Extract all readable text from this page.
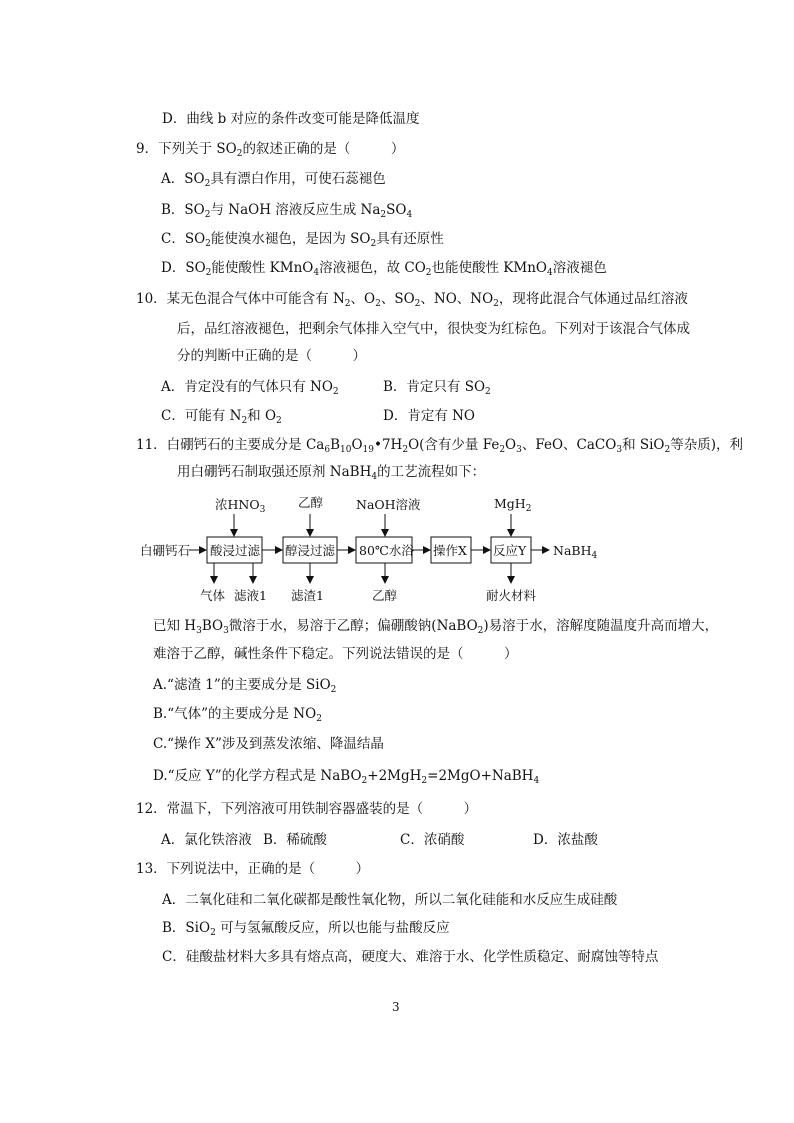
D．曲线 b 对应的条件改变可能是降低温度
9．下列关于 $SO_2$的叙述正确的是（　　　）
A．$SO_2$具有漂白作用，可使石蕊褪色
B．$SO_2$与 NaOH 溶液反应生成 $Na_2SO_4$
C．$SO_2$能使溴水褪色，是因为 $SO_2$具有还原性
D．$SO_2$能使酸性 KMnO$_4$溶液褪色，故 $CO_2$也能使酸性 KMnO$_4$溶液褪色
10．某无色混合气体中可能含有 $N_2$、$O_2$、$SO_2$、NO、$NO_2$，现将此混合气体通过品红溶液
后，品红溶液褪色，把剩余气体排入空气中，很快变为红棕色。下列对于该混合气体成
分的判断中正确的是（　　　）
A．肯定没有的气体只有 $NO_2$	B．肯定只有 $SO_2$
C．可能有 $N_2$和 $O_2$	D．肯定有 NO
11．白硼钙石的主要成分是 $Ca_6B_{10}O_{19}•7H_2O$(含有少量 $Fe_2O_3$、FeO、CaCO$_3$和 SiO$_2$等杂质)，利
用白硼钙石制取强还原剂 NaBH$_4$的工艺流程如下：
白硼钙石 酸浸过滤 醇浸过滤 80℃水浴 操作X 反应Y NaBH$_4$
浓$HNO_3$	乙醇	NaOH溶液	MgH$_2$
气体 滤液1 滤渣1	乙醇	耐火材料
已知 $H_3BO_3$微溶于水，易溶于乙醇；偏硼酸钠(NaBO$_2$)易溶于水，溶解度随温度升高而增大，
难溶于乙醇，碱性条件下稳定。下列说法错误的是（　　　）
A.“滤渣 1”的主要成分是 SiO$_2$
B.“气体”的主要成分是 $NO_2$
C.“操作 X”涉及到蒸发浓缩、降温结晶
D.“反应 Y”的化学方程式是 NaBO$_2$+2MgH$_2$=2MgO+NaBH$_4$
12．常温下，下列溶液可用铁制容器盛装的是（　　　）
A．氯化铁溶液 B．稀硫酸	C．浓硝酸	D．浓盐酸
13．下列说法中，正确的是（　　　）
A．二氧化硅和二氧化碳都是酸性氧化物，所以二氧化硅能和水反应生成硅酸
B．SiO$_2$ 可与氢氟酸反应，所以也能与盐酸反应
C．硅酸盐材料大多具有熔点高，硬度大、难溶于水、化学性质稳定、耐腐蚀等特点
3
